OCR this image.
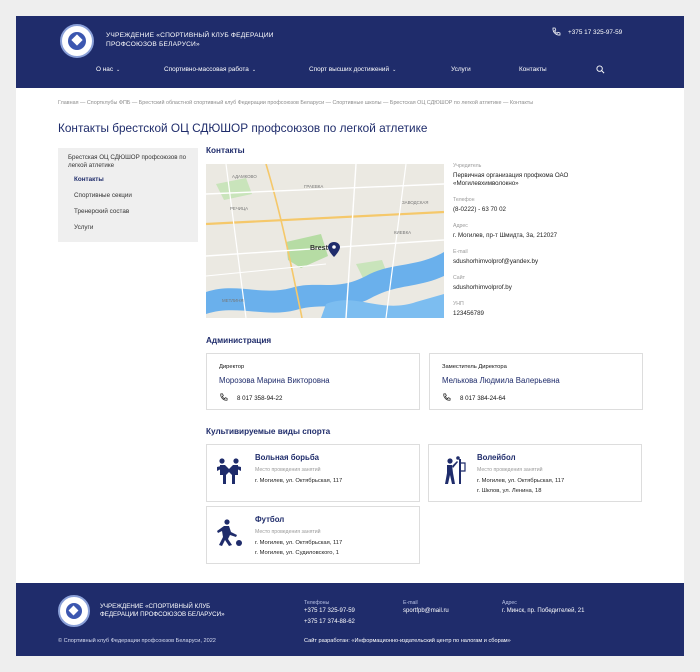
УЧРЕЖДЕНИЕ «СПОРТИВНЫЙ КЛУБ ФЕДЕРАЦИИ ПРОФСОЮЗОВ БЕЛАРУСИ»
+375 17 325-97-59
О нас ⌄	Спортивно-массовая работа ⌄	Спорт высших достижений ⌄	Услуги	Контакты
Главная — Спортклубы ФПБ — Брестский областной спортивный клуб Федерации профсоюзов Беларуси — Спортивные школы — Брестская ОЦ СДЮШОР по легкой атлетике — Контакты
Контакты брестской ОЦ СДЮШОР профсоюзов по легкой атлетике
Брестская ОЦ СДЮШОР профсоюзов по легкой атлетике
Контакты
Спортивные секции
Тренерский состав
Услуги
Контакты
АДАМКОВО
ГРАЕВКА
ЗАВОДСКАЯ
РЕЧИЦА
КИЕВКА
МЕТЛИНЯ
Brest
Учредитель
Первичная организация профкома ОАО «Могилевхимволокно»
Телефон
(8-0222) - 63 70 02
Адрес
г. Могилев, пр-т Шмидта, 3а, 212027
E-mail
sdushorhimvolprof@yandex.by
Сайт
sdushorhimvolprof.by
УНП
123456789
Администрация
Директор
Морозова Марина Викторовна
8 017 358-94-22
Заместитель Директора
Мелькова Людмила Валерьевна
8 017 384-24-64
Культивируемые виды спорта
Вольная борьба
Место проведения занятий
г. Могилев, ул. Октябрьская, 117
Волейбол
Место проведения занятий
г. Могилев, ул. Октябрьская, 117
г. Шклов, ул. Ленина, 18
Футбол
Место проведения занятий
г. Могилев, ул. Октябрьская, 117
г. Могилев, ул. Судиловского, 1
УЧРЕЖДЕНИЕ «СПОРТИВНЫЙ КЛУБ ФЕДЕРАЦИИ ПРОФСОЮЗОВ БЕЛАРУСИ»
Телефоны
+375 17 325-97-59
+375 17 374-88-62
E-mail
sportfpb@mail.ru
Адрес
г. Минск, пр. Победителей, 21
© Спортивный клуб Федерации профсоюзов Беларуси, 2022	Сайт разработан: «Информационно-издательский центр по налогам и сборам»
